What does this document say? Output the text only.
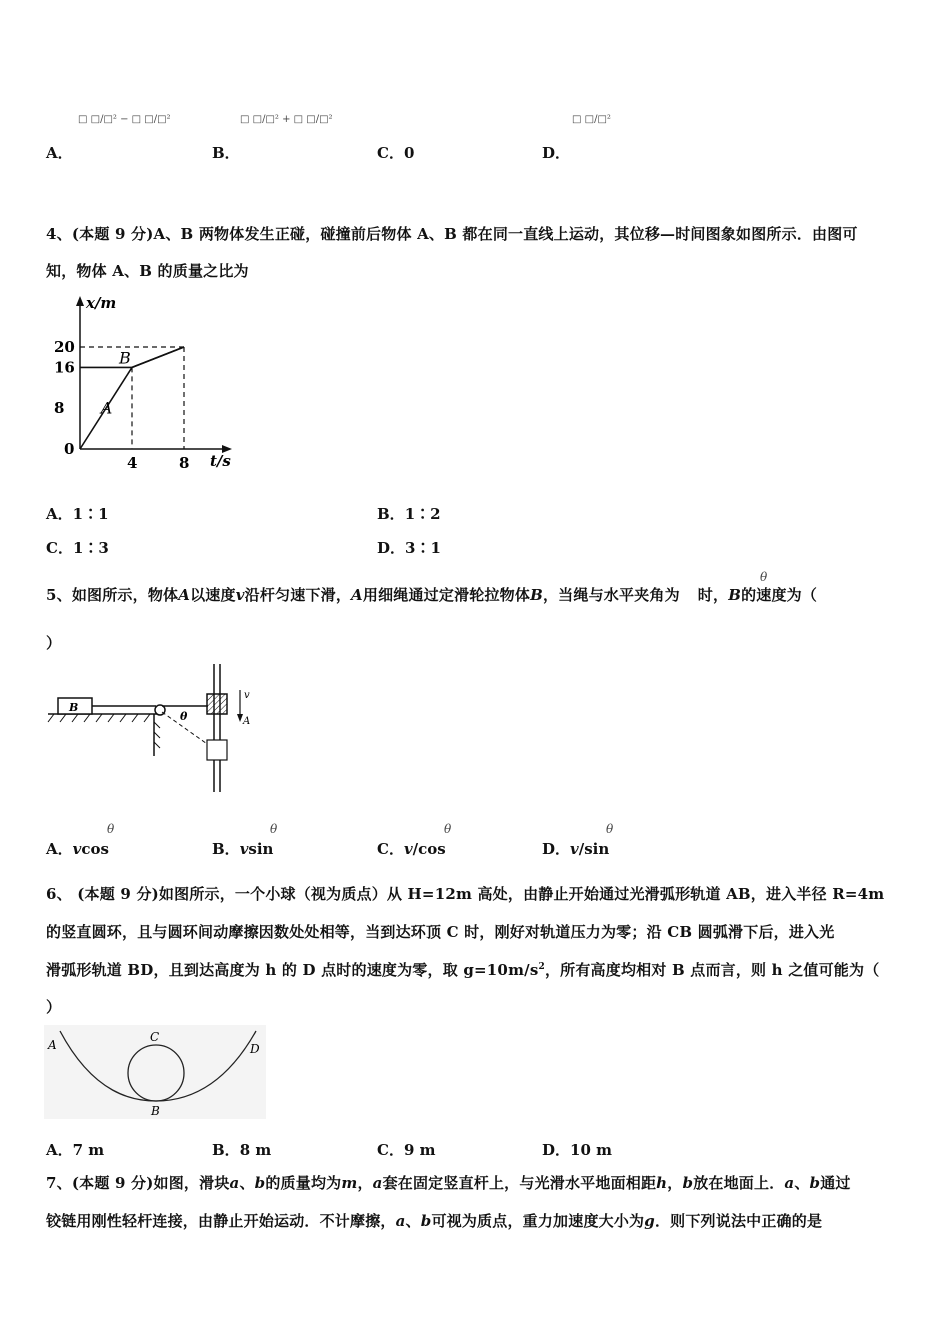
□ □/□² − □ □/□²
A．
□ □/□² + □ □/□²
B．	C．0
□ □/□²
D．
4、(本题 9 分)A、B 两物体发生正碰，碰撞前后物体 A、B 都在同一直线上运动，其位移—时间图象如图所示．由图可
知，物体 A、B 的质量之比为
x/m
t/s
0
8
16
20
4	8
A
B
A．1∶1	B．1∶2
C．1∶3	D．3∶1
5、如图所示，物体A以速度v沿杆匀速下滑，A用细绳通过定滑轮拉物体B，当绳与水平夹角为 时，B的速度为（
θ
）
B
θ
v
A
A．vcos
θ
B．vsin
θ
C．v/cos
θ
D．v/sin
θ
6、 (本题 9 分)如图所示，一个小球（视为质点）从 H=12m 高处，由静止开始通过光滑弧形轨道 AB，进入半径 R=4m
的竖直圆环，且与圆环间动摩擦因数处处相等，当到达环顶 C 时，刚好对轨道压力为零；沿 CB 圆弧滑下后，进入光
滑弧形轨道 BD，且到达高度为 h 的 D 点时的速度为零，取 $g=10m/s^2$，所有高度均相对 B 点而言，则 h 之值可能为（
）
A
C
D
B
A．7 m	B．8 m	C．9 m	D．10 m
7、(本题 9 分)如图，滑块a、b的质量均为m，a套在固定竖直杆上，与光滑水平地面相距h，b放在地面上．a、b通过
铰链用刚性轻杆连接，由静止开始运动．不计摩擦，a、b可视为质点，重力加速度大小为g．则下列说法中正确的是
